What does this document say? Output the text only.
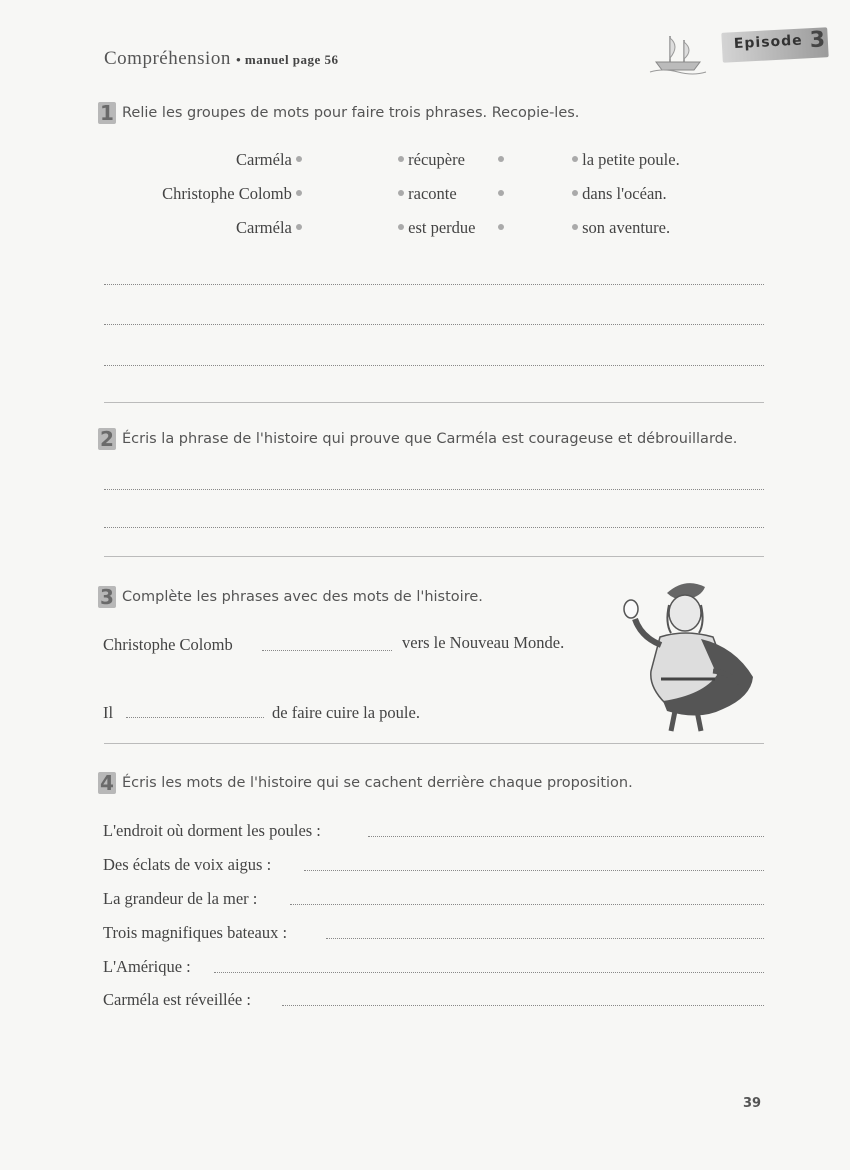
Compréhension • manuel page 56
Episode 3
1 Relie les groupes de mots pour faire trois phrases. Recopie-les.
Carméla
Christophe Colomb
Carméla
récupère
raconte
est perdue
la petite poule.
dans l'océan.
son aventure.
2 Écris la phrase de l'histoire qui prouve que Carméla est courageuse et débrouillarde.
3 Complète les phrases avec des mots de l'histoire.
Christophe Colomb	vers le Nouveau Monde.
Il	de faire cuire la poule.
4 Écris les mots de l'histoire qui se cachent derrière chaque proposition.
L'endroit où dorment les poules :
Des éclats de voix aigus :
La grandeur de la mer :
Trois magnifiques bateaux :
L'Amérique :
Carméla est réveillée :
39
